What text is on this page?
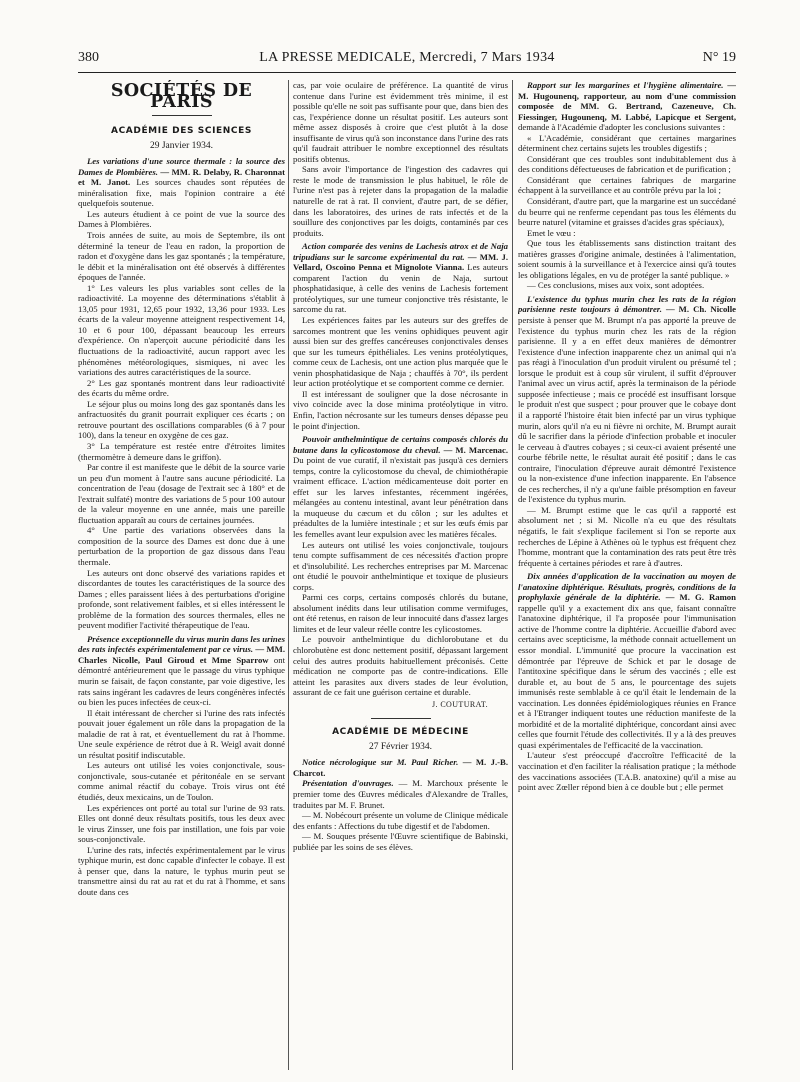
380	LA PRESSE MEDICALE, Mercredi, 7 Mars 1934	N° 19
SOCIÉTÉS DE PARIS
ACADÉMIE DES SCIENCES
29 Janvier 1934.

Les variations d'une source thermale : la source des Dames de Plombières. — MM. R. Delaby, R. Charonnat et M. Janot. Les sources chaudes sont réputées de minéralisation fixe, mais l'opinion contraire a été quelquefois soutenue.

Les auteurs étudient à ce point de vue la source des Dames à Plombières.

Trois années de suite, au mois de Septembre, ils ont déterminé la teneur de l'eau en radon, la proportion de radon et d'oxygène dans les gaz spontanés ; la température, le débit et la minéralisation ont été observés à différentes époques de l'année.

1° Les valeurs les plus variables sont celles de la radioactivité. La moyenne des déterminations s'établit à 13,05 pour 1931, 12,65 pour 1932, 13,36 pour 1933. Les écarts de la valeur moyenne atteignent respectivement 14, 10 et 6 pour 100, dépassant beaucoup les erreurs d'expérience. On n'aperçoit aucune périodicité dans les fluctuations de la radioactivité, aucun rapport avec les phénomènes météorologiques, sismiques, ni avec les variations des autres caractéristiques de la source.

2° Les gaz spontanés montrent dans leur radioactivité des écarts du même ordre.

Le séjour plus ou moins long des gaz spontanés dans les anfractuosités du granit pourrait expliquer ces écarts ; on retrouve pourtant des oscillations comparables (6 à 7 pour 100), dans la teneur en oxygène de ces gaz.

3° La température est restée entre d'étroites limites (thermomètre à demeure dans le griffon).

Par contre il est manifeste que le débit de la source varie un peu d'un moment à l'autre sans aucune périodicité. La concentration de l'eau (dosage de l'extrait sec à 180° et de l'extrait sulfaté) montre des variations de 5 pour 100 autour de la valeur moyenne en une année, mais une pareille fluctuation apparaît au cours de certaines journées.

4° Une partie des variations observées dans la composition de la source des Dames est donc due à une perturbation de la proportion de gaz dissous dans l'eau thermale.

Les auteurs ont donc observé des variations rapides et discordantes de toutes les caractéristiques de la source des Dames ; elles paraissent liées à des perturbations d'origine profonde, sont relativement faibles, et si elles intéressent le problème de la formation des sources thermales, elles ne peuvent modifier l'activité thérapeutique de l'eau.

Présence exceptionnelle du virus murin dans les urines des rats infectés expérimentalement par ce virus. — MM. Charles Nicolle, Paul Giroud et Mme Sparrow ont démontré antérieurement que le passage du virus typhique murin se faisait, de façon constante, par voie digestive, les rats sains ingérant les cadavres de leurs congénères infectés ou bien les puces infectées de ceux-ci.

Il était intéressant de chercher si l'urine des rats infectés pouvait jouer également un rôle dans la propagation de la maladie de rat à rat, et éventuellement du rat à l'homme. Une seule expérience de rétrot due à R. Weigl avait donné un résultat positif indiscutable.

Les auteurs ont utilisé les voies conjonctivale, sous-conjonctivale, sous-cutanée et péritonéale en se servant comme animal réactif du cobaye. Trois virus ont été étudiés, deux mexicains, un de Toulon.

Les expériences ont porté au total sur l'urine de 93 rats. Elles ont donné deux résultats positifs, tous les deux avec le virus Zinsser, une fois par instillation, une fois par voie sous-conjonctivale.

L'urine des rats, infectés expérimentalement par le virus typhique murin, est donc capable d'infecter le cobaye. Il est à penser que, dans la nature, le typhus murin peut se transmettre ainsi du rat au rat et du rat à l'homme, et sans doute dans ces

cas, par voie oculaire de préférence. La quantité de virus contenue dans l'urine est évidemment très minime, il est possible qu'elle ne soit pas suffisante pour que, dans bien des cas, l'expérience donne un résultat positif. Les auteurs sont même assez disposés à croire que c'est plutôt à la dose insuffisante de virus qu'à son inconstance dans l'urine des rats qu'il faudrait attribuer le nombre exceptionnel des résultats positifs obtenus.

Sans avoir l'importance de l'ingestion des cadavres qui reste le mode de transmission le plus habituel, le rôle de l'urine n'est pas à rejeter dans la propagation de la maladie naturelle de rat à rat. Il convient, d'autre part, de se défier, dans les laboratoires, des urines de rats infectés et de la souillure des conjonctives par les doigts, contaminés par ces produits.

Action comparée des venins de Lachesis atrox et de Naja tripudians sur le sarcome expérimental du rat. — MM. J. Vellard, Oscoino Penna et Mignolote Vianna. Les auteurs comparent l'action du venin de Naja, surtout phosphatidasique, à celle des venins de Lachesis fortement protéolytiques, sur une tumeur conjonctive très résistante, le sarcome du rat.

Les expériences faites par les auteurs sur des greffes de sarcomes montrent que les venins ophidiques peuvent agir aussi bien sur des greffes cancéreuses conjonctivales denses que sur les tumeurs épithéliales. Les venins protéolytiques, comme ceux de Lachesis, ont une action plus marquée que le venin phosphatidasique de Naja ; chauffés à 70°, ils perdent leur action protéolytique et se comportent comme ce dernier.

Il est intéressant de souligner que la dose nécrosante in vivo coïncide avec la dose minima protéolytique in vitro. Enfin, l'action nécrosante sur les tumeurs denses dépasse peu le point d'injection.

Pouvoir anthelmintique de certains composés chlorés du butane dans la cylicostomose du cheval. — M. Marcenac. Du point de vue curatif, il n'existait pas jusqu'à ces derniers temps, contre la cylicostomose du cheval, de chimiothérapie vraiment efficace. L'action médicamenteuse doit porter en effet sur les larves infestantes, récemment ingérées, mélangées au contenu intestinal, avant leur pénétration dans la muqueuse du cæcum et du côlon ; sur les adultes et préadultes de la lumière intestinale ; et sur les œufs émis par les femelles avant leur expulsion avec les matières fécales.

Les auteurs ont utilisé les voies conjonctivale, toujours tenu compte suffisamment de ces nécessités d'action propre et d'insolubilité. Les recherches entreprises par M. Marcenac ont étudié le pouvoir anthelmintique et toxique de plusieurs corps.

Parmi ces corps, certains composés chlorés du butane, absolument inédits dans leur utilisation comme vermifuges, ont été retenus, en raison de leur innocuité dans d'assez larges limites et de leur valeur réelle contre les cylicostomes.

Le pouvoir anthelmintique du dichlorobutane et du chlorobutène est donc nettement positif, dépassant largement celui des autres produits habituellement préconisés. Cette médication ne comporte pas de contre-indications. Elle atteint les parasites aux divers stades de leur évolution, assurant de ce fait une guérison certaine et durable.

J. COUTURAT.
ACADÉMIE DE MÉDECINE
27 Février 1934.

Notice nécrologique sur M. Paul Richer. — M. J.-B. Charcot.

Présentation d'ouvrages. — M. Marchoux présente le premier tome des Œuvres médicales d'Alexandre de Tralles, traduites par M. F. Brunet.

— M. Nobécourt présente un volume de Clinique médicale des enfants : Affections du tube digestif et de l'abdomen.

— M. Souques présente l'Œuvre scientifique de Babinski, publiée par les soins de ses élèves.

Rapport sur les margarines et l'hygiène alimentaire. — M. Hugounenq, rapporteur, au nom d'une commission composée de MM. G. Bertrand, Cazeneuve, Ch. Fiessinger, Hugounenq, M. Labbé, Lapicque et Sergent, demande à l'Académie d'adopter les conclusions suivantes :

« L'Académie, considérant que certaines margarines déterminent chez certains sujets les troubles digestifs ;

Considérant que ces troubles sont indubitablement dus à des conditions défectueuses de fabrication et de purification ;

Considérant que certaines fabriques de margarine échappent à la surveillance et au contrôle prévu par la loi ;

Considérant, d'autre part, que la margarine est un succédané du beurre qui ne renferme cependant pas tous les éléments du beurre naturel (vitamine et graisses d'acides gras spéciaux),

Emet le vœu :

Que tous les établissements sans distinction traitant des matières grasses d'origine animale, destinées à l'alimentation, soient soumis à la surveillance et à l'exercice ainsi qu'à toutes les obligations légales, en vu de protéger la santé publique. »

— Ces conclusions, mises aux voix, sont adoptées.

L'existence du typhus murin chez les rats de la région parisienne reste toujours à démontrer. — M. Ch. Nicolle persiste à penser que M. Brumpt n'a pas apporté la preuve de l'existence du typhus murin chez les rats de la région parisienne. Il y a en effet deux manières de démontrer l'existence d'une infection inapparente chez un animal qui n'a pas réagi à l'inoculation d'un produit virulent ou présumé tel ; lorsque le produit est à coup sûr virulent, il suffit d'éprouver l'animal avec un virus actif, après la terminaison de la période supposée infectieuse ; mais ce procédé est insuffisant lorsque le produit n'est que suspect ; pour prouver que le cobaye dont il a rapporté l'histoire était bien infecté par un virus typhique murin, alors qu'il n'a eu ni fièvre ni orchite, M. Brumpt aurait dû le sacrifier dans la période d'infection probable et inoculer le cerveau à d'autres cobayes ; si ceux-ci avaient présenté une courbe fébrile nette, le résultat aurait été positif ; dans le cas contraire, l'inoculation d'épreuve aurait démontré l'existence ou la non-existence d'une infection inapparente. En l'absence de ces recherches, il n'y a qu'une faible présomption en faveur de l'existence du typhus murin.

— M. Brumpt estime que le cas qu'il a rapporté est absolument net ; si M. Nicolle n'a eu que des résultats négatifs, le fait s'explique facilement si l'on se reporte aux recherches de Lépine à Athènes où le typhus est fréquent chez l'homme, montrant que la contamination des rats peut être très fréquente à certaines périodes et rare à d'autres.

Dix années d'application de la vaccination au moyen de l'anatoxine diphtérique. Résultats, progrès, conditions de la prophylaxie générale de la diphtérie. — M. G. Ramon rappelle qu'il y a exactement dix ans que, faisant connaître l'anatoxine diphtérique, il l'a proposée pour l'immunisation active de l'homme contre la diphtérie. Accueillie d'abord avec certains avec scepticisme, la méthode connait actuellement un essor mondial. L'immunité que procure la vaccination est démontrée par l'épreuve de Schick et par le dosage de l'antitoxine spécifique dans le sérum des vaccinés ; elle est durable et, au bout de 5 ans, le pourcentage des sujets immunisés reste semblable à ce qu'il était le lendemain de la vaccination. Les données épidémiologiques réunies en France et à l'Etranger indiquent toutes une réduction manifeste de la morbidité et de la mortalité diphtérique, concordant ainsi avec celles que fournit l'étude des collectivités. Il y a là des preuves quasi expérimentales de l'efficacité de la vaccination.

L'auteur s'est préoccupé d'accroître l'efficacité de la vaccination et d'en faciliter la réalisation pratique ; la méthode des vaccinations associées (T.A.B. anatoxine) qu'il a mise au point avec Zœller répond bien à ce double but ; elle permet
